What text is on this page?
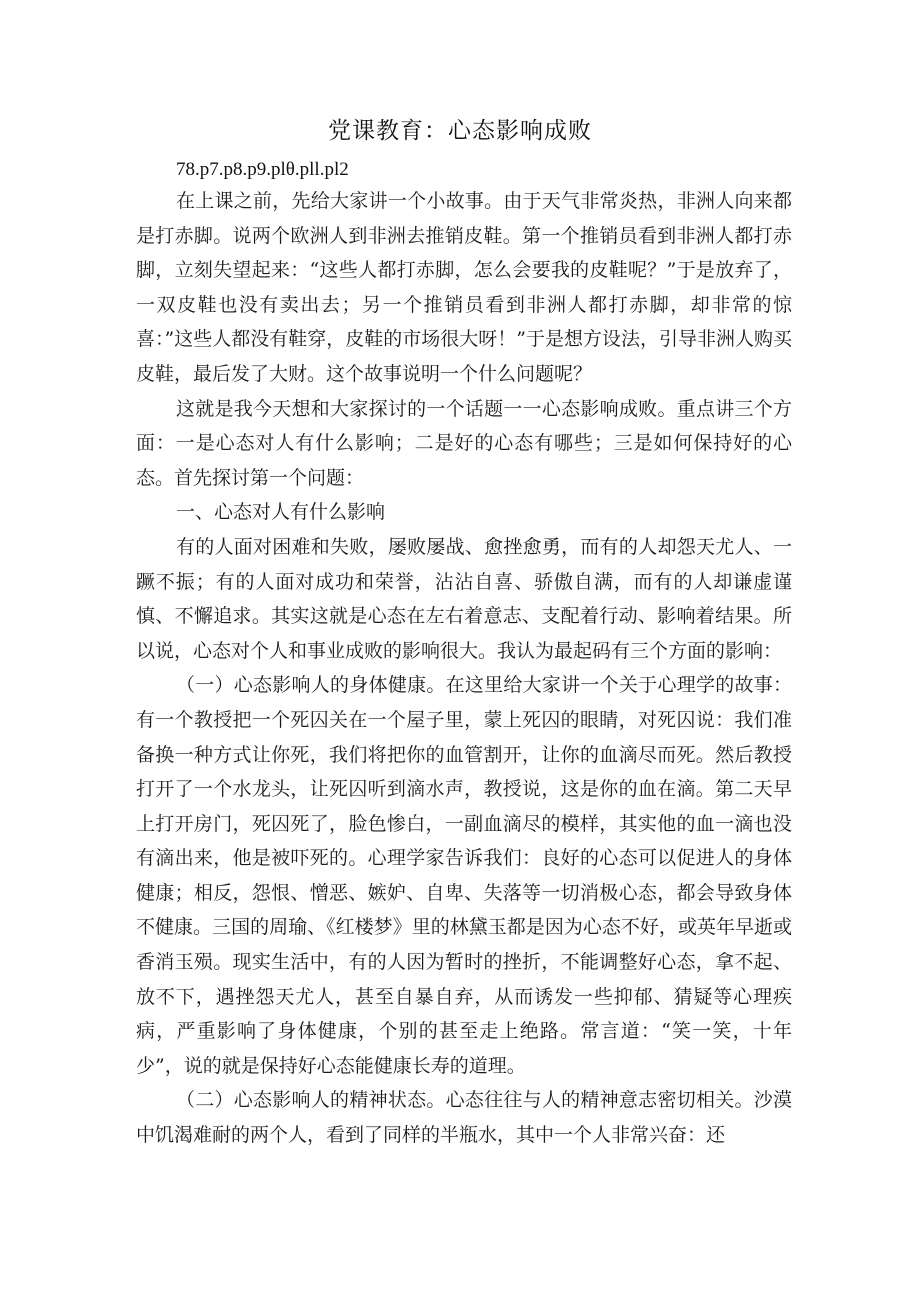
党课教育：心态影响成败
78.p7.p8.p9.plθ.pll.pl2

在上课之前，先给大家讲一个小故事。由于天气非常炎热，非洲人向来都是打赤脚。说两个欧洲人到非洲去推销皮鞋。第一个推销员看到非洲人都打赤脚，立刻失望起来：“这些人都打赤脚，怎么会要我的皮鞋呢？”于是放弃了，一双皮鞋也没有卖出去；另一个推销员看到非洲人都打赤脚，却非常的惊喜：”这些人都没有鞋穿，皮鞋的市场很大呀！”于是想方设法，引导非洲人购买皮鞋，最后发了大财。这个故事说明一个什么问题呢？

这就是我今天想和大家探讨的一个话题一一心态影响成败。重点讲三个方面：一是心态对人有什么影响；二是好的心态有哪些；三是如何保持好的心态。首先探讨第一个问题：

一、心态对人有什么影响

有的人面对困难和失败，屡败屡战、愈挫愈勇，而有的人却怨天尤人、一蹶不振；有的人面对成功和荣誉，沾沾自喜、骄傲自满，而有的人却谦虚谨慎、不懈追求。其实这就是心态在左右着意志、支配着行动、影响着结果。所以说，心态对个人和事业成败的影响很大。我认为最起码有三个方面的影响：

（一）心态影响人的身体健康。在这里给大家讲一个关于心理学的故事：有一个教授把一个死囚关在一个屋子里，蒙上死囚的眼睛，对死囚说：我们准备换一种方式让你死，我们将把你的血管割开，让你的血滴尽而死。然后教授打开了一个水龙头，让死囚听到滴水声，教授说，这是你的血在滴。第二天早上打开房门，死囚死了，脸色惨白，一副血滴尽的模样，其实他的血一滴也没有滴出来，他是被吓死的。心理学家告诉我们：良好的心态可以促进人的身体健康；相反，怨恨、憎恶、嫉妒、自卑、失落等一切消极心态，都会导致身体不健康。三国的周瑜、《红楼梦》里的林黛玉都是因为心态不好，或英年早逝或香消玉殒。现实生活中，有的人因为暂时的挫折，不能调整好心态，拿不起、放不下，遇挫怨天尤人，甚至自暴自弃，从而诱发一些抑郁、猜疑等心理疾病，严重影响了身体健康，个别的甚至走上绝路。常言道：“笑一笑，十年少”，说的就是保持好心态能健康长寿的道理。

（二）心态影响人的精神状态。心态往往与人的精神意志密切相关。沙漠中饥渴难耐的两个人，看到了同样的半瓶水，其中一个人非常兴奋：还
